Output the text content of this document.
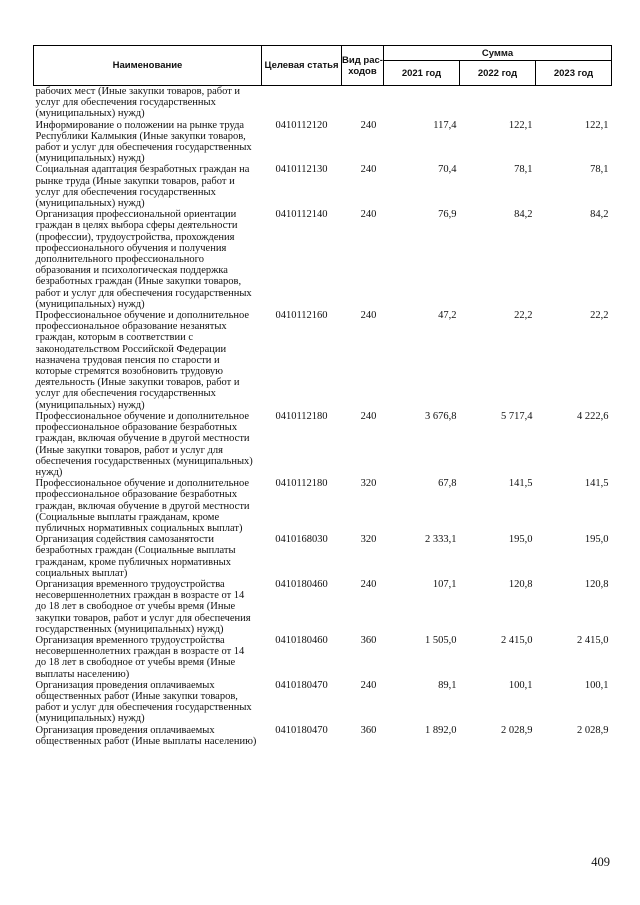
Наименование	Целевая статья	Вид рас-ходов	Сумма		
			2021 год	2022 год	2023 год
рабочих мест (Иные закупки товаров, работ и услуг для обеспечения государственных (муниципальных) нужд)					
Информирование о положении на рынке труда Республики Калмыкия (Иные закупки товаров, работ и услуг для обеспечения государственных (муниципальных) нужд)	0410112120	240	117,4	122,1	122,1
Социальная адаптация безработных граждан на рынке труда (Иные закупки товаров, работ и услуг для обеспечения государственных (муниципальных) нужд)	0410112130	240	70,4	78,1	78,1
Организация профессиональной ориентации граждан в целях выбора сферы деятельности (профессии), трудоустройства, прохождения профессионального обучения и получения дополнительного профессионального образования и психологическая поддержка безработных граждан (Иные закупки товаров, работ и услуг для обеспечения государственных (муниципальных) нужд)	0410112140	240	76,9	84,2	84,2
Профессиональное обучение и дополнительное профессиональное образование незанятых граждан, которым в соответствии с законодательством Российской Федерации назначена трудовая пенсия по старости и которые стремятся возобновить трудовую деятельность (Иные закупки товаров, работ и услуг для обеспечения государственных (муниципальных) нужд)	0410112160	240	47,2	22,2	22,2
Профессиональное обучение и дополнительное профессиональное образование безработных граждан, включая обучение в другой местности (Иные закупки товаров, работ и услуг для обеспечения государственных (муниципальных) нужд)	0410112180	240	3 676,8	5 717,4	4 222,6
Профессиональное обучение и дополнительное профессиональное образование безработных граждан, включая обучение в другой местности (Социальные выплаты гражданам, кроме публичных нормативных социальных выплат)	0410112180	320	67,8	141,5	141,5
Организация содействия самозанятости безработных граждан (Социальные выплаты гражданам, кроме публичных нормативных социальных выплат)	0410168030	320	2 333,1	195,0	195,0
Организация временного трудоустройства несовершеннолетних граждан в возрасте от 14 до 18 лет в свободное от учебы время (Иные закупки товаров, работ и услуг для обеспечения государственных (муниципальных) нужд)	0410180460	240	107,1	120,8	120,8
Организация временного трудоустройства несовершеннолетних граждан в возрасте от 14 до 18 лет в свободное от учебы время (Иные выплаты населению)	0410180460	360	1 505,0	2 415,0	2 415,0
Организация проведения оплачиваемых общественных работ (Иные закупки товаров, работ и услуг для обеспечения государственных (муниципальных) нужд)	0410180470	240	89,1	100,1	100,1
Организация проведения оплачиваемых общественных работ (Иные выплаты населению)	0410180470	360	1 892,0	2 028,9	2 028,9
409
